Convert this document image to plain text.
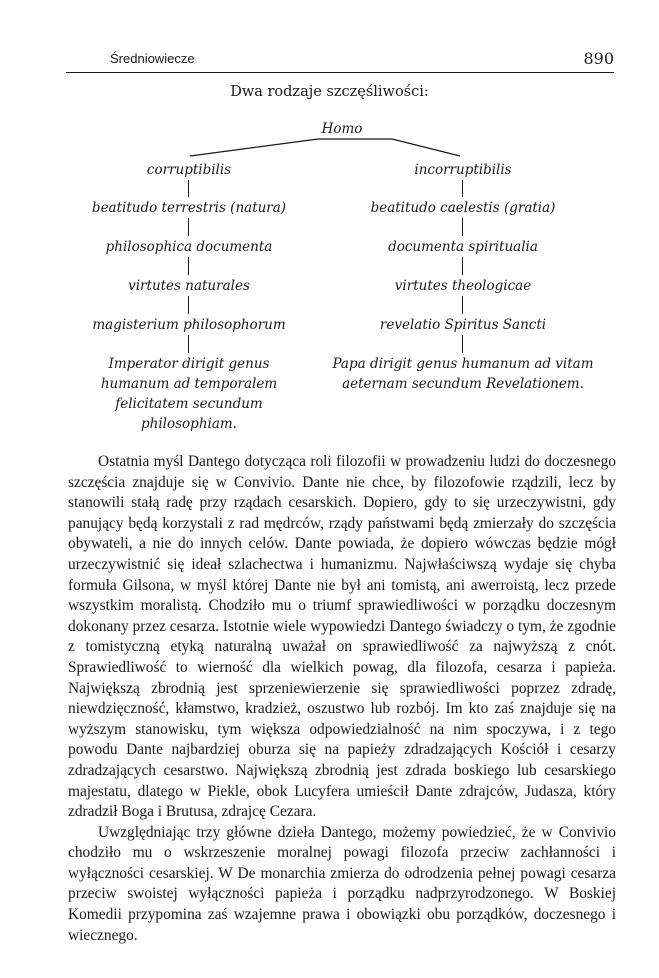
Średniowiecze	890
Dwa rodzaje szczęśliwości:
Homo
corruptibilis
beatitudo terrestris (natura)
philosophica documenta
virtutes naturales
magisterium philosophorum
Imperator dirigit genus humanum ad temporalem felicitatem secundum philosophiam.
incorruptibilis
beatitudo caelestis (gratia)
documenta spiritualia
virtutes theologicae
revelatio Spiritus Sancti
Papa dirigit genus humanum ad vitam aeternam secundum Revelationem.

Ostatnia myśl Dantego dotycząca roli filozofii w prowadzeniu ludzi do doczesnego szczęścia znajduje się w Convivio. Dante nie chce, by filozofowie rządzili, lecz by stanowili stałą radę przy rządach cesarskich. Dopiero, gdy to się urzeczywistni, gdy panujący będą korzystali z rad mędrców, rządy państwami będą zmierzały do szczęścia obywateli, a nie do innych celów. Dante powiada, że dopiero wówczas będzie mógł urzeczywistnić się ideał szlachectwa i humanizmu. Najwłaściwszą wydaje się chyba formuła Gilsona, w myśl której Dante nie był ani tomistą, ani awerroistą, lecz przede wszystkim moralistą. Chodziło mu o triumf sprawiedliwości w porządku doczesnym dokonany przez cesarza. Istotnie wiele wypowiedzi Dantego świadczy o tym, że zgodnie z tomistyczną etyką naturalną uważał on sprawiedliwość za najwyższą z cnót. Sprawiedliwość to wierność dla wielkich powag, dla filozofa, cesarza i papieża. Największą zbrodnią jest sprzeniewierzenie się sprawiedliwości poprzez zdradę, niewdzięczność, kłamstwo, kradzież, oszustwo lub rozbój. Im kto zaś znajduje się na wyższym stanowisku, tym większa odpowiedzialność na nim spoczywa, i z tego powodu Dante najbardziej oburza się na papieży zdradzających Kościół i cesarzy zdradzających cesarstwo. Największą zbrodnią jest zdrada boskiego lub cesarskiego majestatu, dlatego w Piekle, obok Lucyfera umieścił Dante zdrajców, Judasza, który zdradził Boga i Brutusa, zdrajcę Cezara.

Uwzględniając trzy główne dzieła Dantego, możemy powiedzieć, że w Convivio chodziło mu o wskrzeszenie moralnej powagi filozofa przeciw zachłanności i wyłączności cesarskiej. W De monarchia zmierza do odrodzenia pełnej powagi cesarza przeciw swoistej wyłączności papieża i porządku nadprzyrodzonego. W Boskiej Komedii przypomina zaś wzajemne prawa i obowiązki obu porządków, doczesnego i wiecznego.
